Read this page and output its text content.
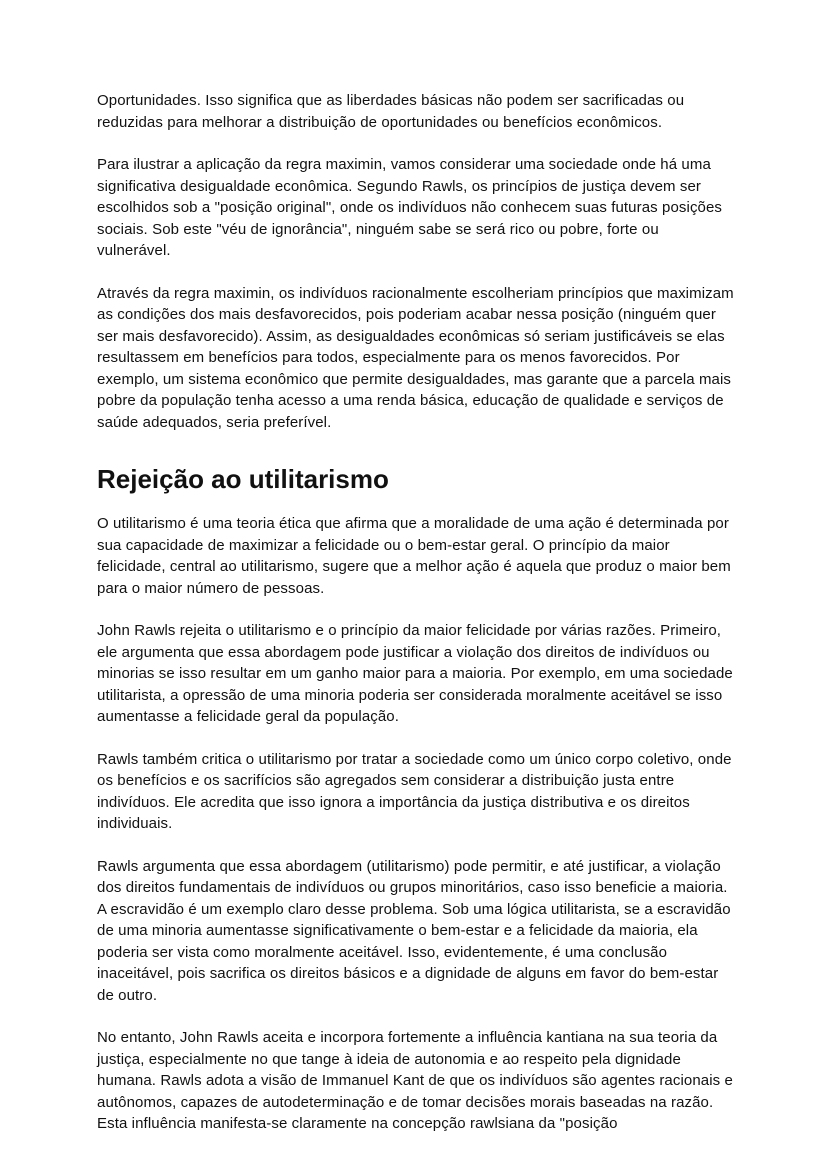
Oportunidades. Isso significa que as liberdades básicas não podem ser sacrificadas ou reduzidas para melhorar a distribuição de oportunidades ou benefícios econômicos.

Para ilustrar a aplicação da regra maximin, vamos considerar uma sociedade onde há uma significativa desigualdade econômica. Segundo Rawls, os princípios de justiça devem ser escolhidos sob a "posição original", onde os indivíduos não conhecem suas futuras posições sociais. Sob este "véu de ignorância", ninguém sabe se será rico ou pobre, forte ou vulnerável.

Através da regra maximin, os indivíduos racionalmente escolheriam princípios que maximizam as condições dos mais desfavorecidos, pois poderiam acabar nessa posição (ninguém quer ser mais desfavorecido). Assim, as desigualdades econômicas só seriam justificáveis se elas resultassem em benefícios para todos, especialmente para os menos favorecidos. Por exemplo, um sistema econômico que permite desigualdades, mas garante que a parcela mais pobre da população tenha acesso a uma renda básica, educação de qualidade e serviços de saúde adequados, seria preferível.

Rejeição ao utilitarismo

O utilitarismo é uma teoria ética que afirma que a moralidade de uma ação é determinada por sua capacidade de maximizar a felicidade ou o bem-estar geral. O princípio da maior felicidade, central ao utilitarismo, sugere que a melhor ação é aquela que produz o maior bem para o maior número de pessoas.

John Rawls rejeita o utilitarismo e o princípio da maior felicidade por várias razões. Primeiro, ele argumenta que essa abordagem pode justificar a violação dos direitos de indivíduos ou minorias se isso resultar em um ganho maior para a maioria. Por exemplo, em uma sociedade utilitarista, a opressão de uma minoria poderia ser considerada moralmente aceitável se isso aumentasse a felicidade geral da população.

Rawls também critica o utilitarismo por tratar a sociedade como um único corpo coletivo, onde os benefícios e os sacrifícios são agregados sem considerar a distribuição justa entre indivíduos. Ele acredita que isso ignora a importância da justiça distributiva e os direitos individuais.

Rawls argumenta que essa abordagem (utilitarismo) pode permitir, e até justificar, a violação dos direitos fundamentais de indivíduos ou grupos minoritários, caso isso beneficie a maioria. A escravidão é um exemplo claro desse problema. Sob uma lógica utilitarista, se a escravidão de uma minoria aumentasse significativamente o bem-estar e a felicidade da maioria, ela poderia ser vista como moralmente aceitável. Isso, evidentemente, é uma conclusão inaceitável, pois sacrifica os direitos básicos e a dignidade de alguns em favor do bem-estar de outro.

No entanto, John Rawls aceita e incorpora fortemente a influência kantiana na sua teoria da justiça, especialmente no que tange à ideia de autonomia e ao respeito pela dignidade humana. Rawls adota a visão de Immanuel Kant de que os indivíduos são agentes racionais e autônomos, capazes de autodeterminação e de tomar decisões morais baseadas na razão. Esta influência manifesta-se claramente na concepção rawlsiana da "posição
